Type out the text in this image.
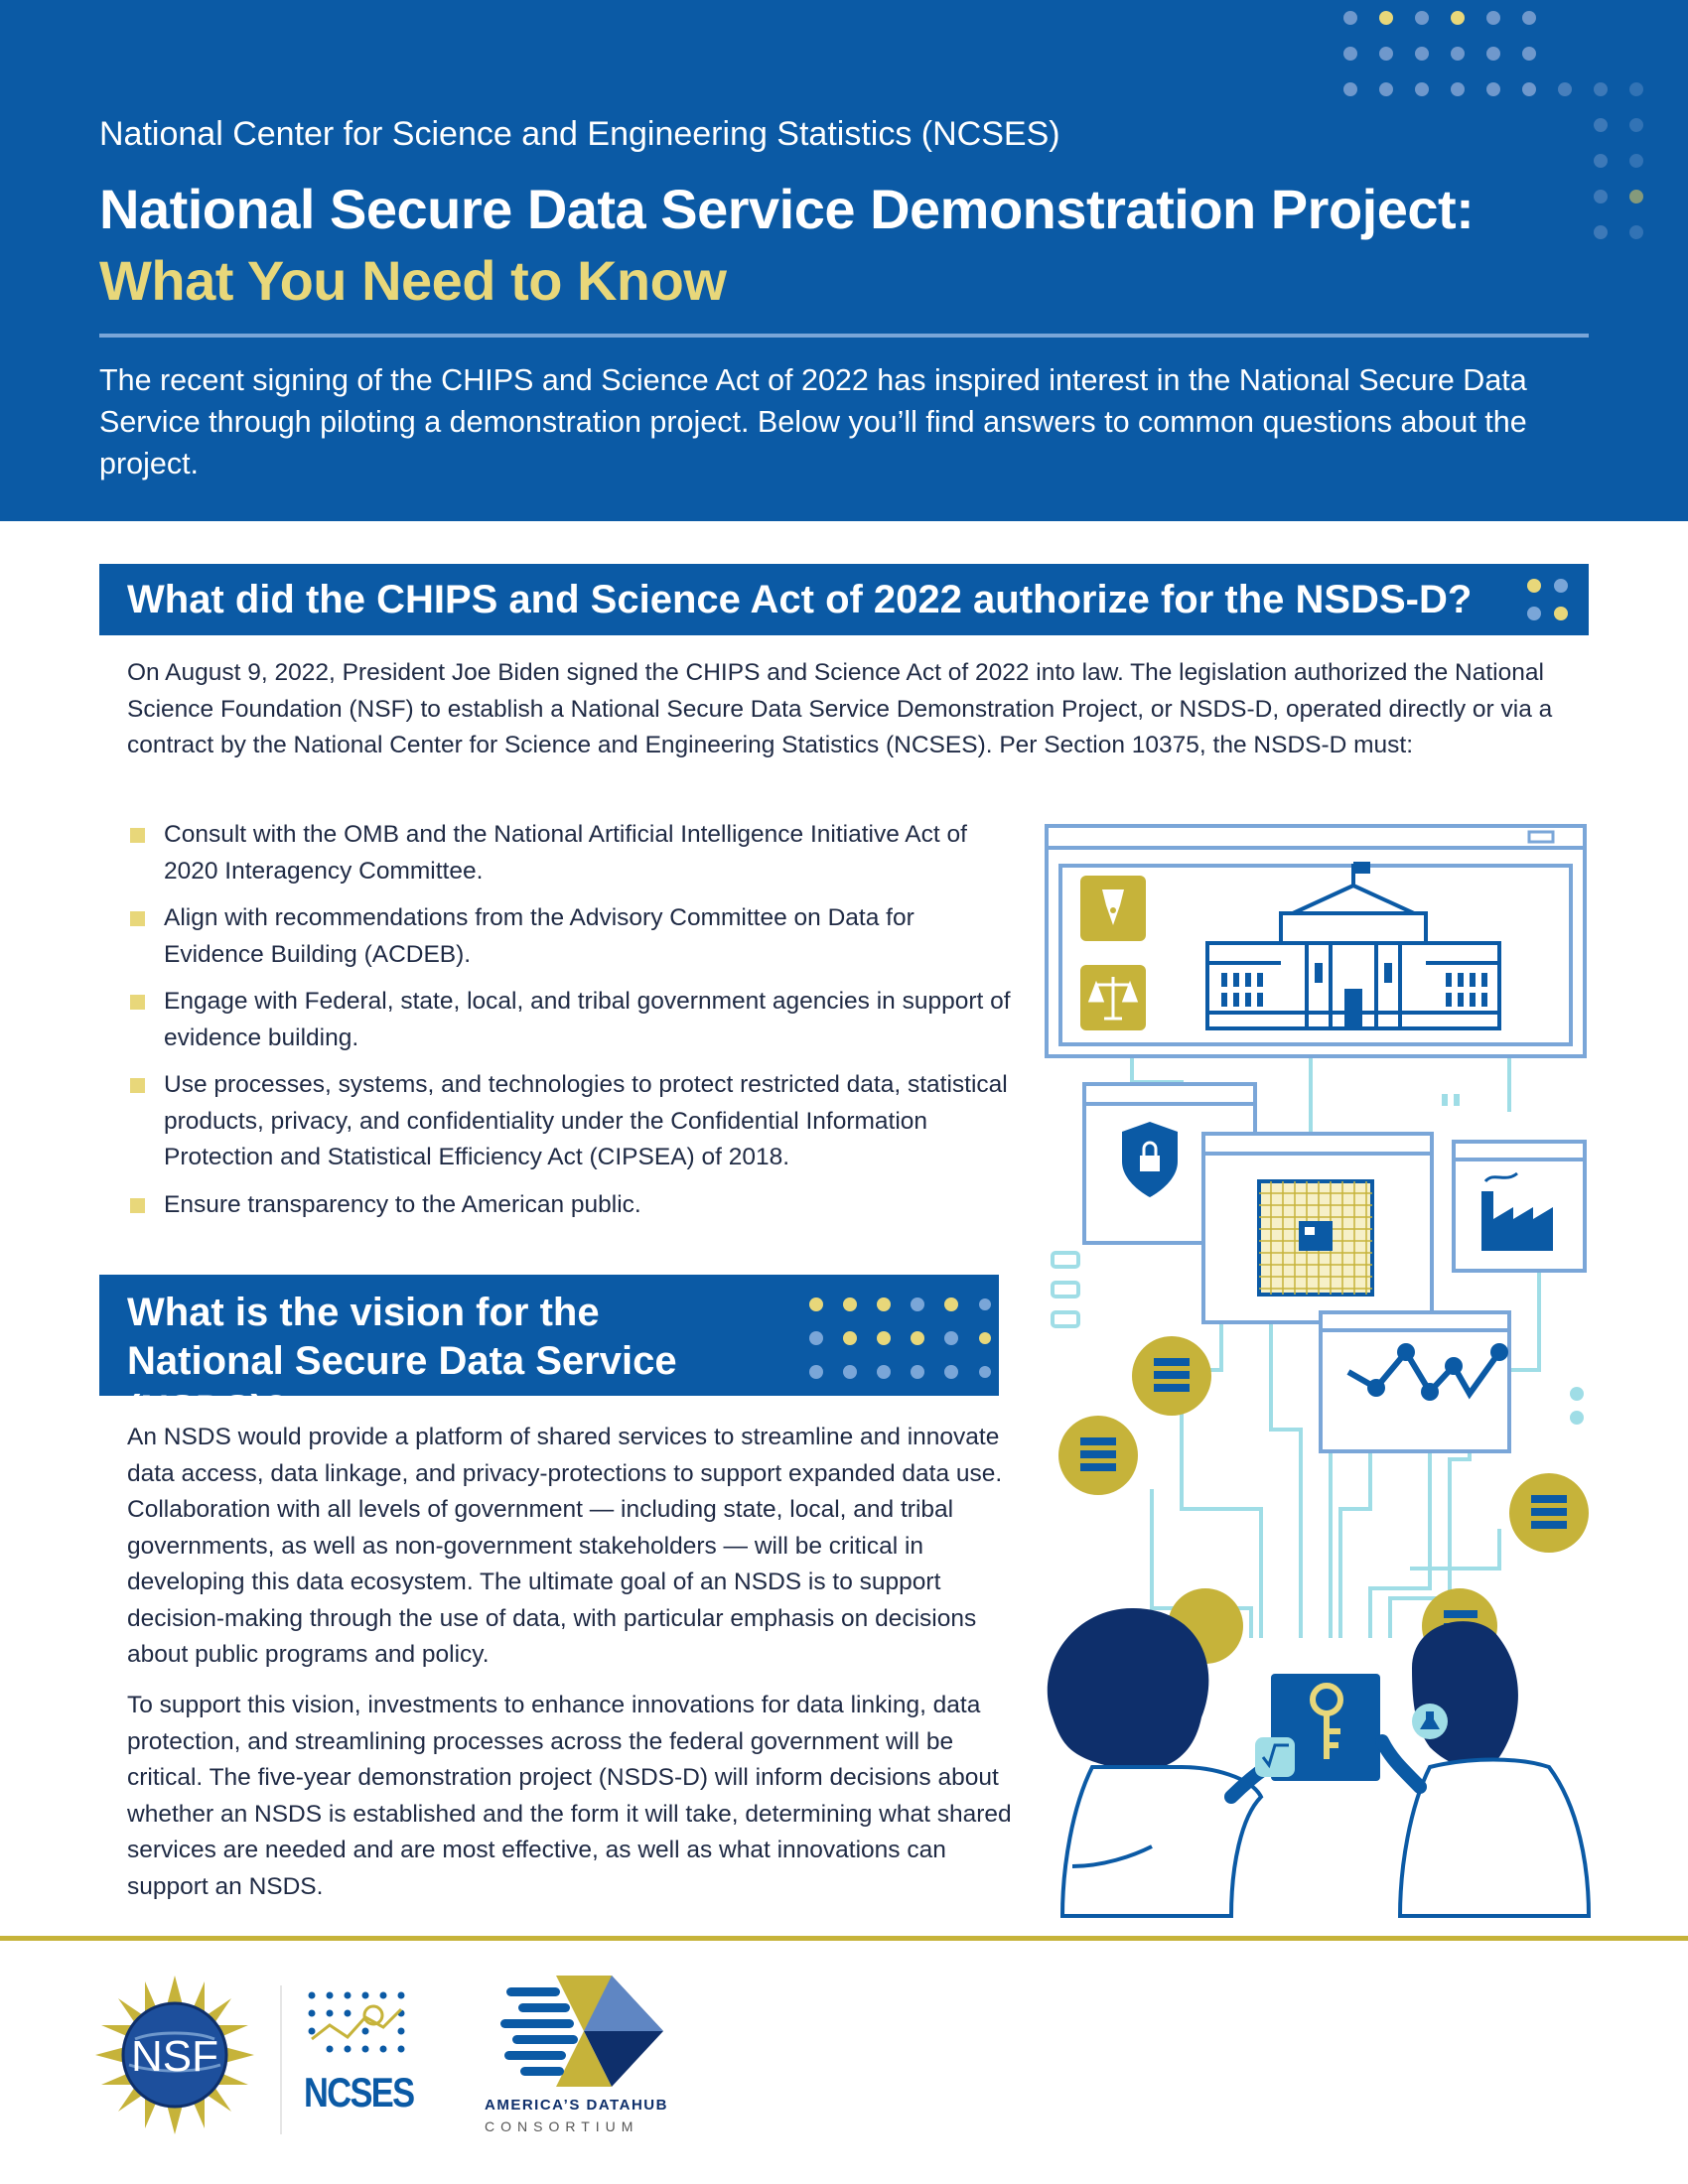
National Center for Science and Engineering Statistics (NCSES)
National Secure Data Service Demonstration Project:
What You Need to Know
The recent signing of the CHIPS and Science Act of 2022 has inspired interest in the National Secure Data Service through piloting a demonstration project. Below you’ll find answers to common questions about the project.
What did the CHIPS and Science Act of 2022 authorize for the NSDS-D?
On August 9, 2022, President Joe Biden signed the CHIPS and Science Act of 2022 into law. The legislation authorized the National Science Foundation (NSF) to establish a National Secure Data Service Demonstration Project, or NSDS-D, operated directly or via a contract by the National Center for Science and Engineering Statistics (NCSES). Per Section 10375, the NSDS-D must:
Consult with the OMB and the National Artificial Intelligence Initiative Act of 2020 Interagency Committee.
Align with recommendations from the Advisory Committee on Data for Evidence Building (ACDEB).
Engage with Federal, state, local, and tribal government agencies in support of evidence building.
Use processes, systems, and technologies to protect restricted data, statistical products, privacy, and confidentiality under the Confidential Information Protection and Statistical Efficiency Act (CIPSEA) of 2018.
Ensure transparency to the American public.
What is the vision for the National Secure Data Service (NSDS)?
An NSDS would provide a platform of shared services to streamline and innovate data access, data linkage, and privacy-protections to support expanded data use. Collaboration with all levels of government — including state, local, and tribal governments, as well as non-government stakeholders — will be critical in developing this data ecosystem. The ultimate goal of an NSDS is to support decision-making through the use of data, with particular emphasis on decisions about public programs and policy.
To support this vision, investments to enhance innovations for data linking, data protection, and streamlining processes across the federal government will be critical. The five-year demonstration project (NSDS-D) will inform decisions about whether an NSDS is established and the form it will take, determining what shared services are needed and are most effective, as well as what innovations can support an NSDS.
NSF
NCSES	AMERICA’S DATAHUB
CONSORTIUM
